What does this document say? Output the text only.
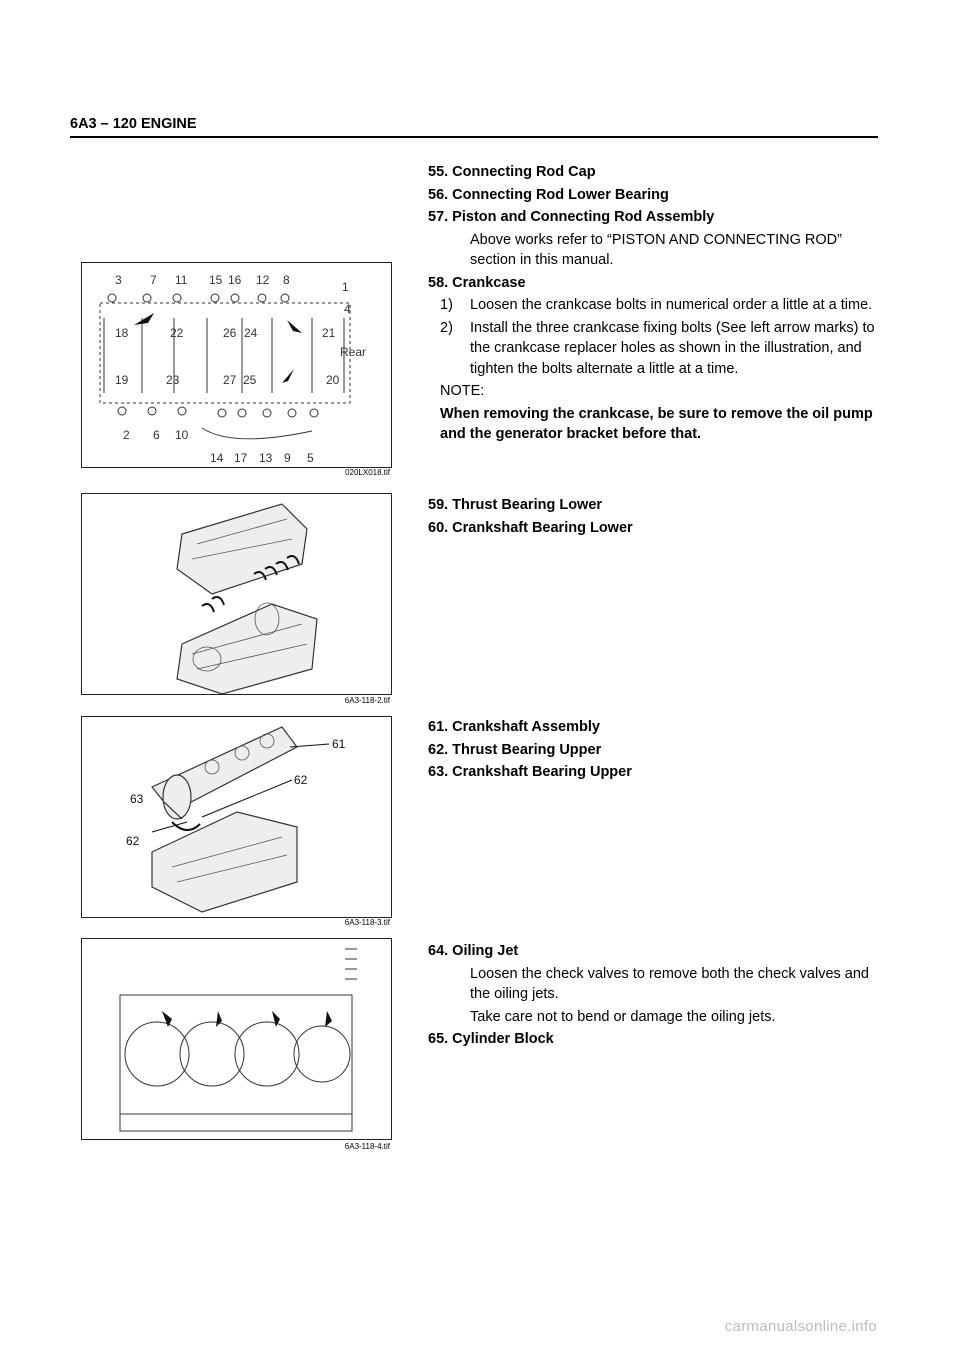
6A3 – 120 ENGINE
3 7 11 15 16 12 8	1
4
18	22	26 24	21
19	23	27 25	20
2 6 10
14 17 13 9 5
Rear
020LX018.tif
6A3-118-2.tif
61
62
63
62
6A3-118-3.tif
6A3-118-4.tif
55. Connecting Rod Cap
56. Connecting Rod Lower Bearing
57. Piston and Connecting Rod Assembly
Above works refer to “PISTON AND CONNECTING ROD” section in this manual.
58. Crankcase
1) Loosen the crankcase bolts in numerical order a little at a time.
2) Install the three crankcase fixing bolts (See left arrow marks) to the crankcase replacer holes as shown in the illustration, and tighten the bolts alternate a little at a time.
NOTE:
When removing the crankcase, be sure to remove the oil pump and the generator bracket before that.
59. Thrust Bearing Lower
60. Crankshaft Bearing Lower
61. Crankshaft Assembly
62. Thrust Bearing Upper
63. Crankshaft Bearing Upper
64. Oiling Jet
Loosen the check valves to remove both the check valves and the oiling jets.
Take care not to bend or damage the oiling jets.
65. Cylinder Block
carmanualsonline.info
